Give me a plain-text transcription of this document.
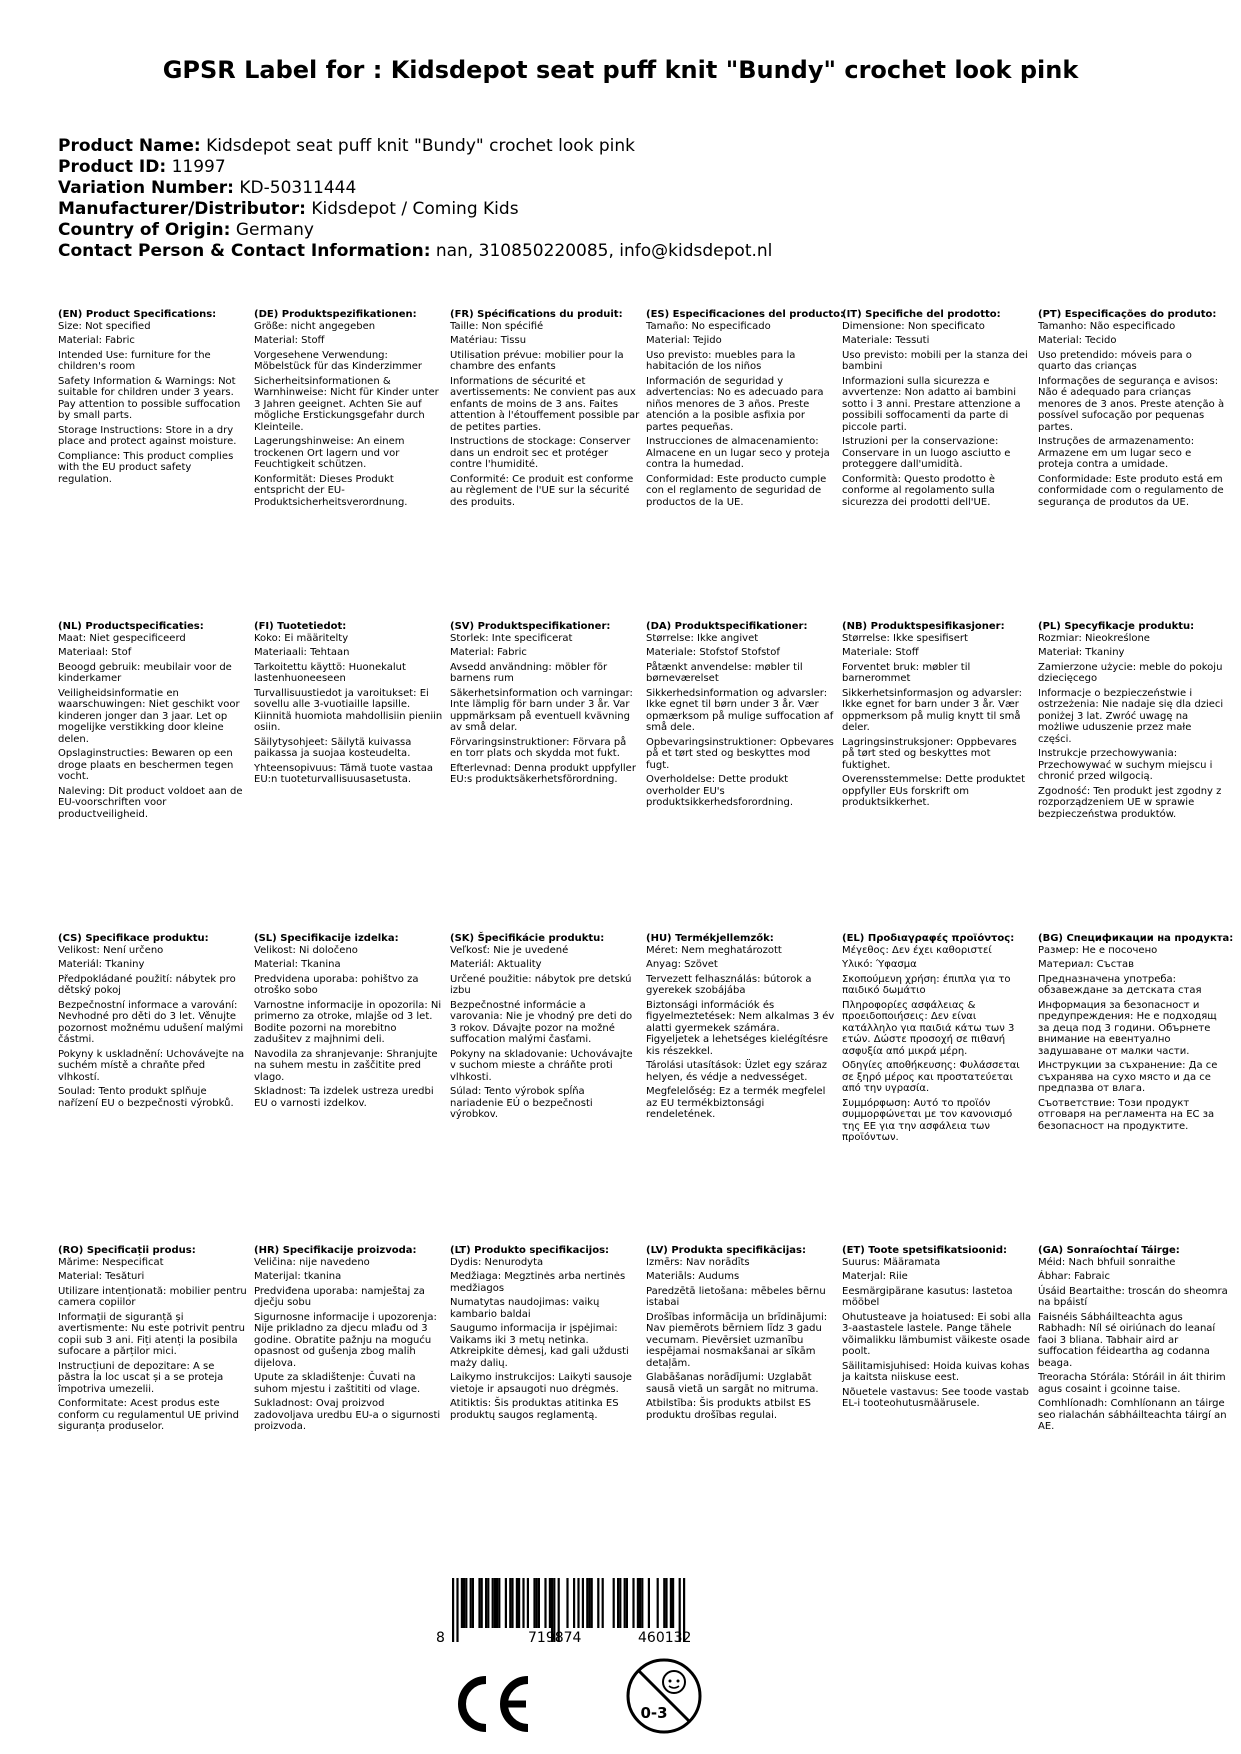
GPSR Label for : Kidsdepot seat puff knit "Bundy" crochet look pink
Product Name: Kidsdepot seat puff knit "Bundy" crochet look pink
Product ID: 11997
Variation Number: KD-50311444
Manufacturer/Distributor: Kidsdepot / Coming Kids
Country of Origin: Germany
Contact Person & Contact Information: nan, 310850220085, info@kidsdepot.nl
(EN) Product Specifications:

Size: Not specified

Material: Fabric

Intended Use: furniture for the children's room

Safety Information & Warnings: Not suitable for children under 3 years. Pay attention to possible suffocation by small parts.

Storage Instructions: Store in a dry place and protect against moisture.

Compliance: This product complies with the EU product safety regulation.

(DE) Produktspezifikationen:

Größe: nicht angegeben

Material: Stoff

Vorgesehene Verwendung: Möbelstück für das Kinderzimmer

Sicherheitsinformationen & Warnhinweise: Nicht für Kinder unter 3 Jahren geeignet. Achten Sie auf mögliche Erstickungsgefahr durch Kleinteile.

Lagerungshinweise: An einem trockenen Ort lagern und vor Feuchtigkeit schützen.

Konformität: Dieses Produkt entspricht der EU-Produktsicherheitsverordnung.

(FR) Spécifications du produit:

Taille: Non spécifié

Matériau: Tissu

Utilisation prévue: mobilier pour la chambre des enfants

Informations de sécurité et avertissements: Ne convient pas aux enfants de moins de 3 ans. Faites attention à l'étouffement possible par de petites parties.

Instructions de stockage: Conserver dans un endroit sec et protéger contre l'humidité.

Conformité: Ce produit est conforme au règlement de l'UE sur la sécurité des produits.

(ES) Especificaciones del producto:

Tamaño: No especificado

Material: Tejido

Uso previsto: muebles para la habitación de los niños

Información de seguridad y advertencias: No es adecuado para niños menores de 3 años. Preste atención a la posible asfixia por partes pequeñas.

Instrucciones de almacenamiento: Almacene en un lugar seco y proteja contra la humedad.

Conformidad: Este producto cumple con el reglamento de seguridad de productos de la UE.

(IT) Specifiche del prodotto:

Dimensione: Non specificato

Materiale: Tessuti

Uso previsto: mobili per la stanza dei bambini

Informazioni sulla sicurezza e avvertenze: Non adatto ai bambini sotto i 3 anni. Prestare attenzione a possibili soffocamenti da parte di piccole parti.

Istruzioni per la conservazione: Conservare in un luogo asciutto e proteggere dall'umidità.

Conformità: Questo prodotto è conforme al regolamento sulla sicurezza dei prodotti dell'UE.

(PT) Especificações do produto:

Tamanho: Não especificado

Material: Tecido

Uso pretendido: móveis para o quarto das crianças

Informações de segurança e avisos: Não é adequado para crianças menores de 3 anos. Preste atenção à possível sufocação por pequenas partes.

Instruções de armazenamento: Armazene em um lugar seco e proteja contra a umidade.

Conformidade: Este produto está em conformidade com o regulamento de segurança de produtos da UE.

(NL) Productspecificaties:

Maat: Niet gespecificeerd

Materiaal: Stof

Beoogd gebruik: meubilair voor de kinderkamer

Veiligheidsinformatie en waarschuwingen: Niet geschikt voor kinderen jonger dan 3 jaar. Let op mogelijke verstikking door kleine delen.

Opslaginstructies: Bewaren op een droge plaats en beschermen tegen vocht.

Naleving: Dit product voldoet aan de EU-voorschriften voor productveiligheid.

(FI) Tuotetiedot:

Koko: Ei määritelty

Materiaali: Tehtaan

Tarkoitettu käyttö: Huonekalut lastenhuoneeseen

Turvallisuustiedot ja varoitukset: Ei sovellu alle 3-vuotiaille lapsille. Kiinnitä huomiota mahdollisiin pieniin osiin.

Säilytysohjeet: Säilytä kuivassa paikassa ja suojaa kosteudelta.

Yhteensopivuus: Tämä tuote vastaa EU:n tuoteturvallisuusasetusta.

(SV) Produktspecifikationer:

Storlek: Inte specificerat

Material: Fabric

Avsedd användning: möbler för barnens rum

Säkerhetsinformation och varningar: Inte lämplig för barn under 3 år. Var uppmärksam på eventuell kvävning av små delar.

Förvaringsinstruktioner: Förvara på en torr plats och skydda mot fukt.

Efterlevnad: Denna produkt uppfyller EU:s produktsäkerhetsförordning.

(DA) Produktspecifikationer:

Størrelse: Ikke angivet

Materiale: Stofstof Stofstof

Påtænkt anvendelse: møbler til børneværelset

Sikkerhedsinformation og advarsler: Ikke egnet til børn under 3 år. Vær opmærksom på mulige suffocation af små dele.

Opbevaringsinstruktioner: Opbevares på et tørt sted og beskyttes mod fugt.

Overholdelse: Dette produkt overholder EU's produktsikkerhedsforordning.

(NB) Produktspesifikasjoner:

Størrelse: Ikke spesifisert

Materiale: Stoff

Forventet bruk: møbler til barnerommet

Sikkerhetsinformasjon og advarsler: Ikke egnet for barn under 3 år. Vær oppmerksom på mulig knytt til små deler.

Lagringsinstruksjoner: Oppbevares på tørt sted og beskyttes mot fuktighet.

Overensstemmelse: Dette produktet oppfyller EUs forskrift om produktsikkerhet.

(PL) Specyfikacje produktu:

Rozmiar: Nieokreślone

Materiał: Tkaniny

Zamierzone użycie: meble do pokoju dziecięcego

Informacje o bezpieczeństwie i ostrzeżenia: Nie nadaje się dla dzieci poniżej 3 lat. Zwróć uwagę na możliwe uduszenie przez małe części.

Instrukcje przechowywania: Przechowywać w suchym miejscu i chronić przed wilgocią.

Zgodność: Ten produkt jest zgodny z rozporządzeniem UE w sprawie bezpieczeństwa produktów.

(CS) Specifikace produktu:

Velikost: Není určeno

Materiál: Tkaniny

Předpokládané použití: nábytek pro dětský pokoj

Bezpečnostní informace a varování: Nevhodné pro děti do 3 let. Věnujte pozornost možnému udušení malými částmi.

Pokyny k uskladnění: Uchovávejte na suchém místě a chraňte před vlhkostí.

Soulad: Tento produkt splňuje nařízení EU o bezpečnosti výrobků.

(SL) Specifikacije izdelka:

Velikost: Ni določeno

Material: Tkanina

Predvidena uporaba: pohištvo za otroško sobo

Varnostne informacije in opozorila: Ni primerno za otroke, mlajše od 3 let. Bodite pozorni na morebitno zadušitev z majhnimi deli.

Navodila za shranjevanje: Shranjujte na suhem mestu in zaščitite pred vlago.

Skladnost: Ta izdelek ustreza uredbi EU o varnosti izdelkov.

(SK) Špecifikácie produktu:

Veľkosť: Nie je uvedené

Materiál: Aktuality

Určené použitie: nábytok pre detskú izbu

Bezpečnostné informácie a varovania: Nie je vhodný pre deti do 3 rokov. Dávajte pozor na možné suffocation malými časťami.

Pokyny na skladovanie: Uchovávajte v suchom mieste a chráňte proti vlhkosti.

Súlad: Tento výrobok spĺňa nariadenie EÚ o bezpečnosti výrobkov.

(HU) Termékjellemzők:

Méret: Nem meghatározott

Anyag: Szövet

Tervezett felhasználás: bútorok a gyerekek szobájába

Biztonsági információk és figyelmeztetések: Nem alkalmas 3 év alatti gyermekek számára. Figyeljetek a lehetséges kielégítésre kis részekkel.

Tárolási utasítások: Üzlet egy száraz helyen, és védje a nedvességet.

Megfelelőség: Ez a termék megfelel az EU termékbiztonsági rendeletének.

(EL) Προδιαγραφές προϊόντος:

Μέγεθος: Δεν έχει καθοριστεί

Υλικό: Ύφασμα

Σκοπούμενη χρήση: έπιπλα για το παιδικό δωμάτιο

Πληροφορίες ασφάλειας & προειδοποιήσεις: Δεν είναι κατάλληλο για παιδιά κάτω των 3 ετών. Δώστε προσοχή σε πιθανή ασφυξία από μικρά μέρη.

Οδηγίες αποθήκευσης: Φυλάσσεται σε ξηρό μέρος και προστατεύεται από την υγρασία.

Συμμόρφωση: Αυτό το προϊόν συμμορφώνεται με τον κανονισμό της ΕΕ για την ασφάλεια των προϊόντων.

(BG) Спецификации на продукта:

Размер: Не е посочено

Материал: Състав

Предназначена употреба: обзавеждане за детската стая

Информация за безопасност и предупреждения: Не е подходящ за деца под 3 години. Обърнете внимание на евентуално задушаване от малки части.

Инструкции за съхранение: Да се съхранява на сухо място и да се предпазва от влага.

Съответствие: Този продукт отговаря на регламента на ЕС за безопасност на продуктите.

(RO) Specificații produs:

Mărime: Nespecificat

Material: Tesături

Utilizare intenționată: mobilier pentru camera copiilor

Informații de siguranță și avertismente: Nu este potrivit pentru copii sub 3 ani. Fiți atenți la posibila sufocare a părților mici.

Instrucțiuni de depozitare: A se păstra la loc uscat și a se proteja împotriva umezelii.

Conformitate: Acest produs este conform cu regulamentul UE privind siguranța produselor.

(HR) Specifikacije proizvoda:

Veličina: nije navedeno

Materijal: tkanina

Predviđena uporaba: namještaj za dječju sobu

Sigurnosne informacije i upozorenja: Nije prikladno za djecu mlađu od 3 godine. Obratite pažnju na moguću opasnost od gušenja zbog malih dijelova.

Upute za skladištenje: Čuvati na suhom mjestu i zaštititi od vlage.

Sukladnost: Ovaj proizvod zadovoljava uredbu EU-a o sigurnosti proizvoda.

(LT) Produkto specifikacijos:

Dydis: Nenurodyta

Medžiaga: Megztinės arba nertinės medžiagos

Numatytas naudojimas: vaikų kambario baldai

Saugumo informacija ir įspėjimai: Vaikams iki 3 metų netinka. Atkreipkite dėmesį, kad gali uždusti maży dalių.

Laikymo instrukcijos: Laikyti sausoje vietoje ir apsaugoti nuo drėgmės.

Atitiktis: Šis produktas atitinka ES produktų saugos reglamentą.

(LV) Produkta specifikācijas:

Izmērs: Nav norādīts

Materiāls: Audums

Paredzētā lietošana: mēbeles bērnu istabai

Drošības informācija un brīdinājumi: Nav piemērots bērniem līdz 3 gadu vecumam. Pievērsiet uzmanību iespējamai nosmakšanai ar sīkām detaļām.

Glabāšanas norādījumi: Uzglabāt sausā vietā un sargāt no mitruma.

Atbilstība: Šis produkts atbilst ES produktu drošības regulai.

(ET) Toote spetsifikatsioonid:

Suurus: Määramata

Materjal: Riie

Eesmärgipärane kasutus: lastetoa mööbel

Ohutusteave ja hoiatused: Ei sobi alla 3-aastastele lastele. Pange tähele võimalikku lämbumist väikeste osade poolt.

Säilitamisjuhised: Hoida kuivas kohas ja kaitsta niiskuse eest.

Nõuetele vastavus: See toode vastab EL-i tooteohutusmäärusele.

(GA) Sonraíochtaí Táirge:

Méid: Nach bhfuil sonraithe

Ábhar: Fabraic

Úsáid Beartaithe: troscán do sheomra na bpáistí

Faisnéis Sábháilteachta agus Rabhadh: Níl sé oiriúnach do leanaí faoi 3 bliana. Tabhair aird ar suffocation féideartha ag codanna beaga.

Treoracha Stórála: Stóráil in áit thirim agus cosaint i gcoinne taise.

Comhlíonadh: Comhlíonann an táirge seo rialachán sábháilteachta táirgí an AE.

8	719874	460132
0-3
